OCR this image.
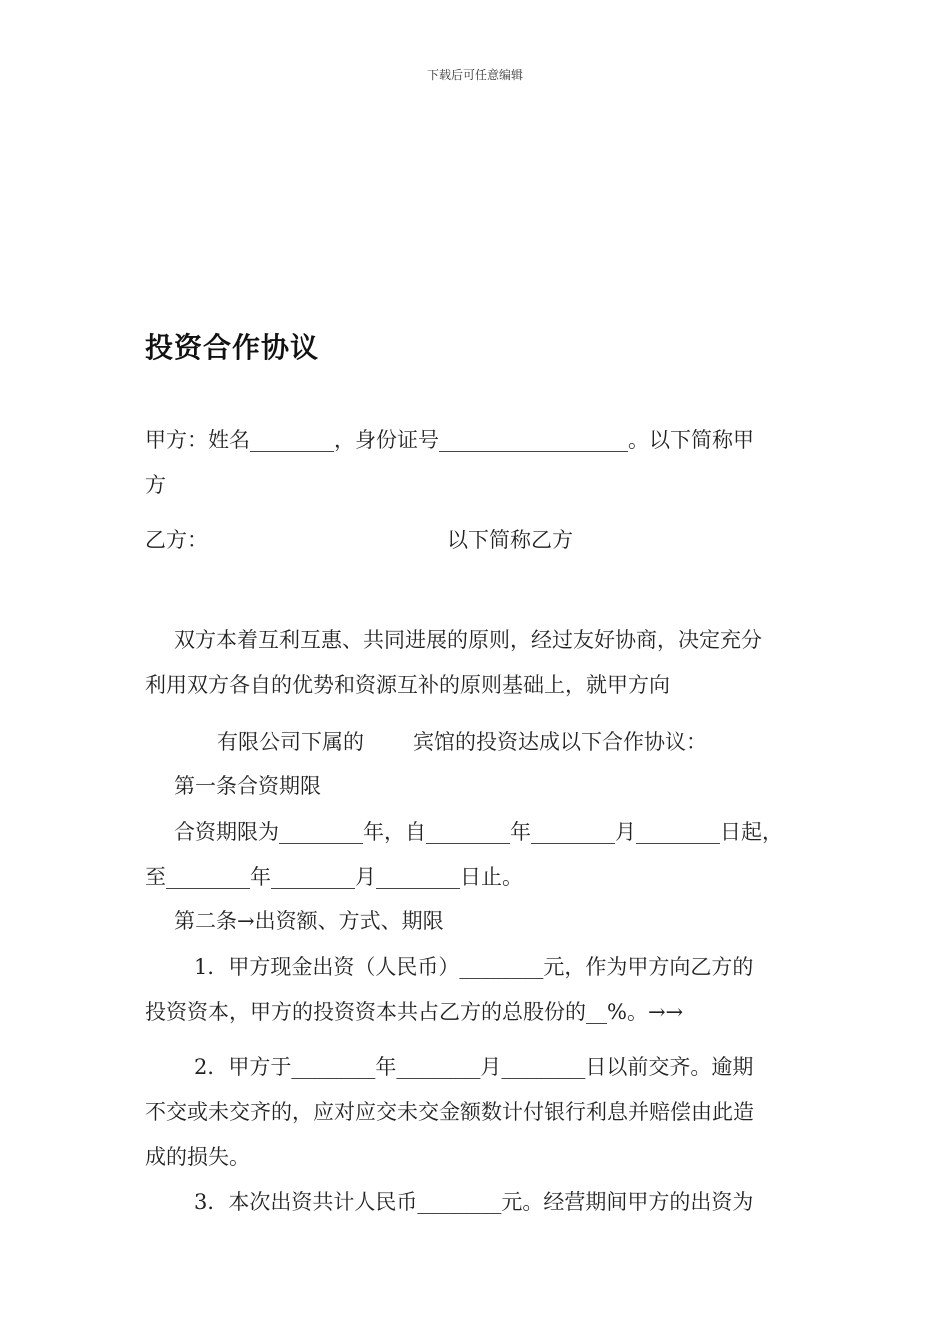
下载后可任意编辑
投资合作协议
甲方：姓名________，身份证号__________________。以下简称甲
方
乙方：	以下简称乙方
双方本着互利互惠、共同进展的原则，经过友好协商，决定充分
利用双方各自的优势和资源互补的原则基础上，就甲方向
有限公司下属的 宾馆的投资达成以下合作协议：
第一条合资期限
合资期限为________年，自________年________月________日起，
至________年________月________日止。
第二条→出资额、方式、期限
1．甲方现金出资（人民币）________元，作为甲方向乙方的
投资资本，甲方的投资资本共占乙方的总股份的__%。→→
2．甲方于________年________月________日以前交齐。逾期
不交或未交齐的，应对应交未交金额数计付银行利息并赔偿由此造
成的损失。
3．本次出资共计人民币________元。经营期间甲方的出资为
